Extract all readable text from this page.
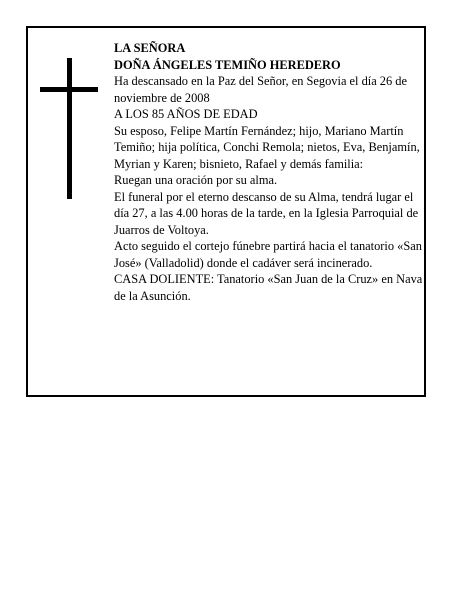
LA SEÑORA

DOÑA ÁNGELES TEMIÑO HEREDERO

Ha descansado en la Paz del Señor, en Segovia el día 26 de noviembre de 2008

A LOS 85 AÑOS DE EDAD

Su esposo, Felipe Martín Fernández; hijo, Mariano Martín Temiño; hija política, Conchi Remola; nietos, Eva, Benjamín, Myrian y Karen; bisnieto, Rafael y demás familia:

Ruegan una oración por su alma.

El funeral por el eterno descanso de su Alma, tendrá lugar el día 27, a las 4.00 horas de la tarde, en la Iglesia Parroquial de Juarros de Voltoya.

Acto seguido el cortejo fúnebre partirá hacia el tanatorio «San José» (Valladolid) donde el cadáver será incinerado.

CASA DOLIENTE: Tanatorio «San Juan de la Cruz» en Nava de la Asunción.
